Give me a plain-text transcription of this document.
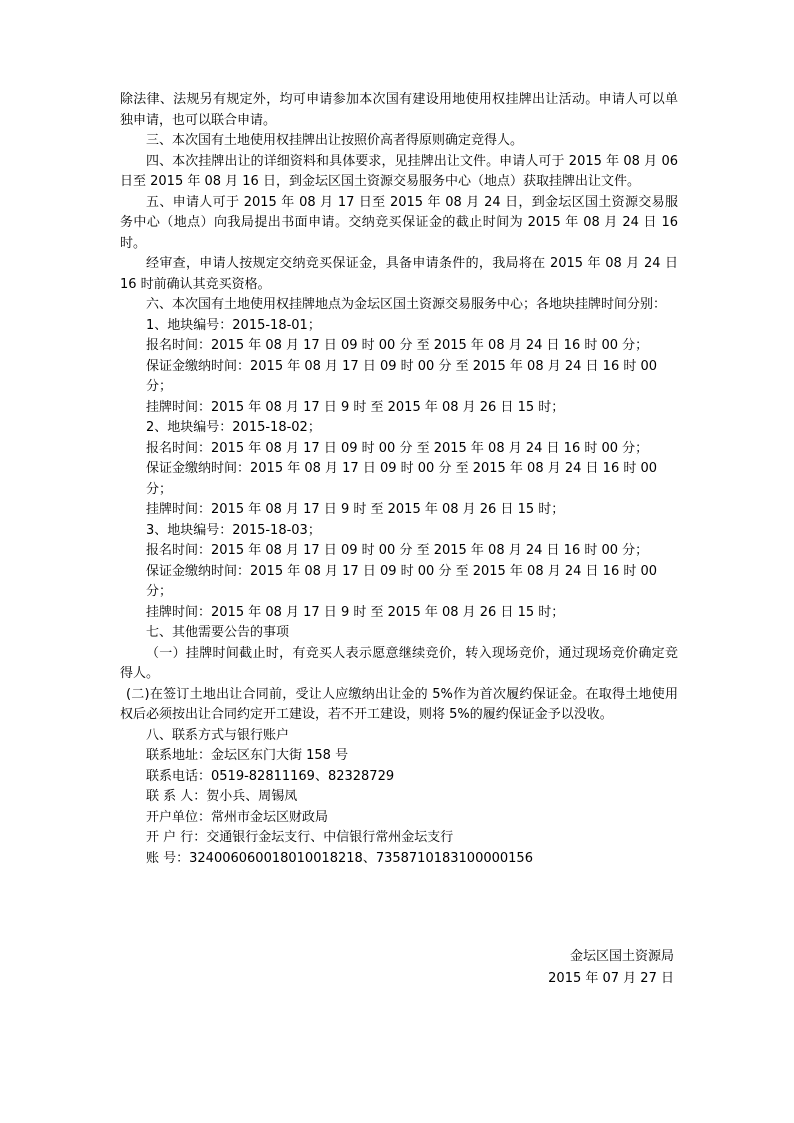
除法律、法规另有规定外，均可申请参加本次国有建设用地使用权挂牌出让活动。申请人可以单独申请，也可以联合申请。

三、本次国有土地使用权挂牌出让按照价高者得原则确定竞得人。

四、本次挂牌出让的详细资料和具体要求，见挂牌出让文件。申请人可于 2015 年 08 月 06 日至 2015 年 08 月 16 日，到金坛区国土资源交易服务中心（地点）获取挂牌出让文件。

五、申请人可于 2015 年 08 月 17 日至 2015 年 08 月 24 日，到金坛区国土资源交易服务中心（地点）向我局提出书面申请。交纳竞买保证金的截止时间为 2015 年 08 月 24 日 16 时。

经审查，申请人按规定交纳竞买保证金，具备申请条件的，我局将在 2015 年 08 月 24 日 16 时前确认其竞买资格。

六、本次国有土地使用权挂牌地点为金坛区国土资源交易服务中心；各地块挂牌时间分别：

1、地块编号：2015-18-01；

报名时间：2015 年 08 月 17 日 09 时 00 分 至 2015 年 08 月 24 日 16 时 00 分；

保证金缴纳时间：2015 年 08 月 17 日 09 时 00 分 至 2015 年 08 月 24 日 16 时 00 分；

挂牌时间：2015 年 08 月 17 日 9 时 至 2015 年 08 月 26 日 15 时；

2、地块编号：2015-18-02；

报名时间：2015 年 08 月 17 日 09 时 00 分 至 2015 年 08 月 24 日 16 时 00 分；

保证金缴纳时间：2015 年 08 月 17 日 09 时 00 分 至 2015 年 08 月 24 日 16 时 00 分；

挂牌时间：2015 年 08 月 17 日 9 时 至 2015 年 08 月 26 日 15 时；

3、地块编号：2015-18-03；

报名时间：2015 年 08 月 17 日 09 时 00 分 至 2015 年 08 月 24 日 16 时 00 分；

保证金缴纳时间：2015 年 08 月 17 日 09 时 00 分 至 2015 年 08 月 24 日 16 时 00 分；

挂牌时间：2015 年 08 月 17 日 9 时 至 2015 年 08 月 26 日 15 时；

七、其他需要公告的事项

（一）挂牌时间截止时，有竞买人表示愿意继续竞价，转入现场竞价，通过现场竞价确定竞得人。

(二)在签订土地出让合同前，受让人应缴纳出让金的 5%作为首次履约保证金。在取得土地使用权后必须按出让合同约定开工建设，若不开工建设，则将 5%的履约保证金予以没收。

八、联系方式与银行账户

联系地址：金坛区东门大街 158 号

联系电话：0519-82811169、82328729

联 系 人：贺小兵、周锡凤

开户单位：常州市金坛区财政局

开 户 行：交通银行金坛支行、中信银行常州金坛支行

账 号：32400606001801001821​8、7358710183100000156

金坛区国土资源局
2015 年 07 月 27 日
